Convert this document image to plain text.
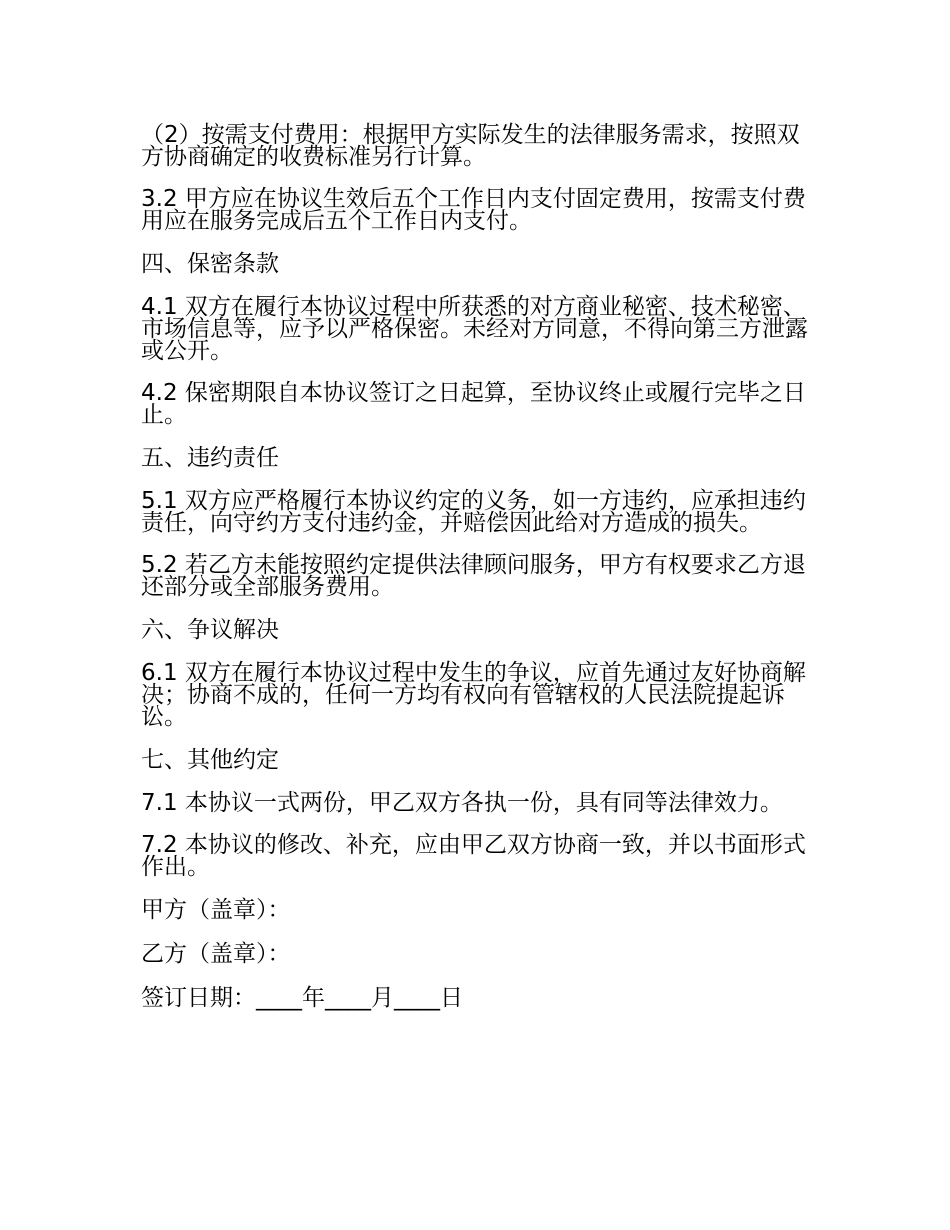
（2）按需支付费用：根据甲方实际发生的法律服务需求，按照双方协商确定的收费标准另行计算。

3.2 甲方应在协议生效后五个工作日内支付固定费用，按需支付费用应在服务完成后五个工作日内支付。

四、保密条款

4.1 双方在履行本协议过程中所获悉的对方商业秘密、技术秘密、市场信息等，应予以严格保密。未经对方同意，不得向第三方泄露或公开。

4.2 保密期限自本协议签订之日起算，至协议终止或履行完毕之日止。

五、违约责任

5.1 双方应严格履行本协议约定的义务，如一方违约，应承担违约责任，向守约方支付违约金，并赔偿因此给对方造成的损失。

5.2 若乙方未能按照约定提供法律顾问服务，甲方有权要求乙方退还部分或全部服务费用。

六、争议解决

6.1 双方在履行本协议过程中发生的争议，应首先通过友好协商解决；协商不成的，任何一方均有权向有管辖权的人民法院提起诉讼。

七、其他约定

7.1 本协议一式两份，甲乙双方各执一份，具有同等法律效力。

7.2 本协议的修改、补充，应由甲乙双方协商一致，并以书面形式作出。

甲方（盖章）：

乙方（盖章）：

签订日期：____年____月____日
